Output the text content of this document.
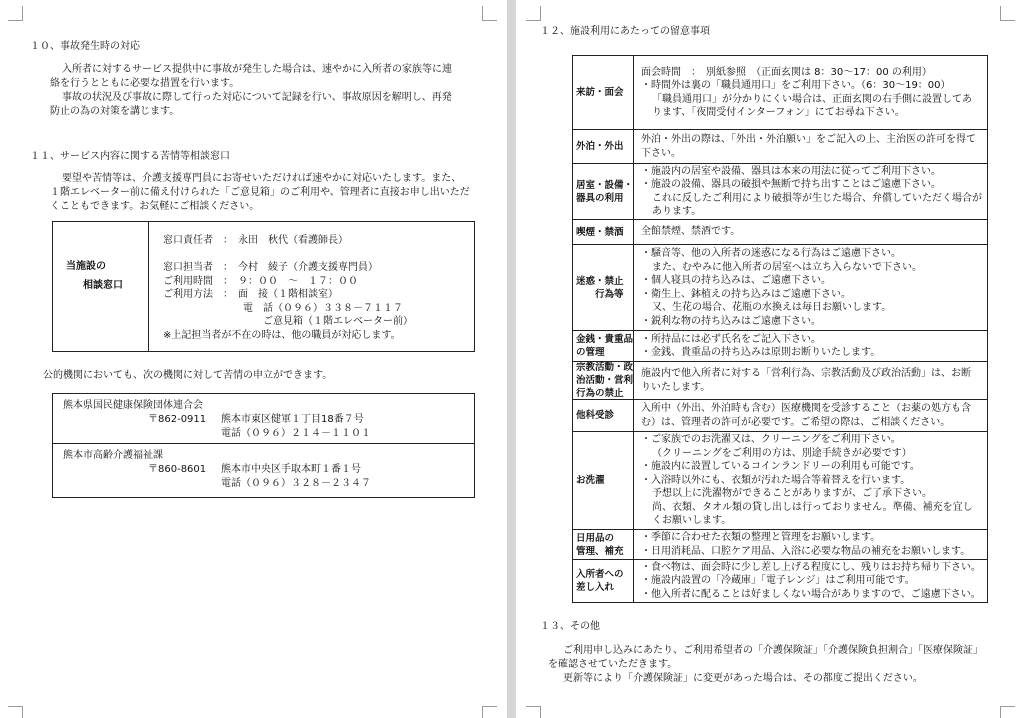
１０、事故発生時の対応
入所者に対するサービス提供中に事故が発生した場合は、速やかに入所者の家族等に連
絡を行うとともに必要な措置を行います。
事故の状況及び事故に際して行った対応について記録を行い、事故原因を解明し、再発
防止の為の対策を講じます。
１１、サービス内容に関する苦情等相談窓口
要望や苦情等は、介護支援専門員にお寄せいただければ速やかに対応いたします。また、
１階エレベーター前に備え付けられた「ご意見箱」のご利用や、管理者に直接お申し出いただ
くこともできます。お気軽にご相談ください。
当施設の
相談窓口
窓口責任者　：　永田　秋代（看護師長）
窓口担当者　：　今村　綾子（介護支援専門員）
ご利用時間　：　９：００　～　１７：００
ご利用方法　：　面　接（１階相談室）
電　話（０９６）３３８－７１１７
ご意見箱（１階エレベーター前）
※上記担当者が不在の時は、他の職員が対応します。
公的機関においても、次の機関に対して苦情の申立ができます。
熊本県国民健康保険団体連合会
〒862-0911 熊本市東区健軍１丁目18番７号
電話（０９６）２１４－１１０１
熊本市高齢介護福祉課
〒860-8601 熊本市中央区手取本町１番１号
電話（０９６）３２８－２３４７
１２、施設利用にあたっての留意事項
来訪・面会
面会時間　：　別紙参照　（正面玄関は 8：30～17：00 の利用）
・時間外は裏の「職員通用口」をご利用下さい。（6：30～19：00）
「職員通用口」が分かりにくい場合は、正面玄関の右手側に設置してあ
ります、「夜間受付インターフォン」にてお尋ね下さい。
外泊・外出
外泊・外出の際は、「外出・外泊願い」をご記入の上、主治医の許可を得て
下さい。
居室・設備・
器具の利用
・施設内の居室や設備、器具は本来の用法に従ってご利用下さい。
・施設の設備、器具の破損や無断で持ち出すことはご遠慮下さい。
これに反したご利用により破損等が生じた場合、弁償していただく場合が
あります。
喫煙・禁酒	全館禁煙、禁酒です。
迷惑・禁止
行為等
・騒音等、他の入所者の迷惑になる行為はご遠慮下さい。
また、むやみに他入所者の居室へは立ち入らないで下さい。
・個人寝具の持ち込みは、ご遠慮下さい。
・衛生上、鉢植えの持ち込みはご遠慮下さい。
又、生花の場合、花瓶の水換えは毎日お願いします。
・鋭利な物の持ち込みはご遠慮下さい。
金銭・貴重品
の管理
・所持品には必ず氏名をご記入下さい。
・金銭、貴重品の持ち込みは原則お断りいたします。
宗教活動・政
治活動・営利
行為の禁止
施設内で他入所者に対する「営利行為、宗教活動及び政治活動」は、お断
りいたします。
他科受診
入所中（外出、外泊時も含む）医療機関を受診すること（お薬の処方も含
む）は、管理者の許可が必要です。ご希望の際は、ご相談ください。
お洗濯
・ご家族でのお洗濯又は、クリーニングをご利用下さい。
（クリーニングをご利用の方は、別途手続きが必要です）
・施設内に設置しているコインランドリーの利用も可能です。
・入浴時以外にも、衣類が汚れた場合等着替えを行います。
予想以上に洗濯物ができることがありますが、ご了承下さい。
尚、衣類、タオル類の貸し出しは行っておりません。準備、補充を宜し
くお願いします。
日用品の
管理、補充
・季節に合わせた衣類の整理と管理をお願いします。
・日用消耗品、口腔ケア用品、入浴に必要な物品の補充をお願いします。
入所者への
差し入れ
・食べ物は、面会時に少し差し上げる程度にし、残りはお持ち帰り下さい。
・施設内設置の「冷蔵庫」「電子レンジ」はご利用可能です。
・他入所者に配ることは好ましくない場合がありますので、ご遠慮下さい。
１３、その他
ご利用申し込みにあたり、ご利用希望者の「介護保険証」「介護保険負担割合」「医療保険証」
を確認させていただきます。
更新等により「介護保険証」に変更があった場合は、その都度ご提出ください。
